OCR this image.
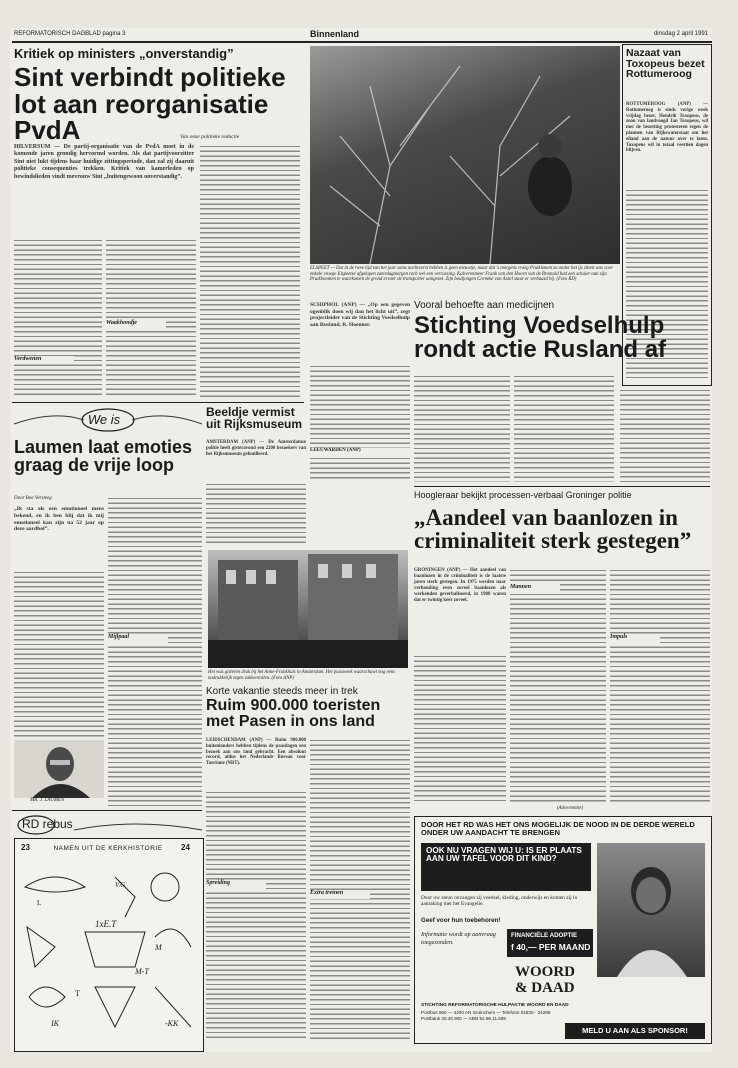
REFORMATORISCH DAGBLAD pagina 3	Binnenland	dinsdag 2 april 1991
Kritiek op ministers „onverstandig”
Sint verbindt politieke lot aan reorganisatie PvdA	Van onze politieke redactie
HILVERSUM — De partij-organisatie van de PvdA moet in de komende jaren grondig hervormd worden. Als dat partijvoorzitter Sint niet lukt tijdens haar huidige zittingsperiode, dan zal zij daaruit politieke consequenties trekken. Kritiek van kamerleden op bewindslieden vindt mevrouw Sint „buitengewoon onverstandig”.
Verdwenen
Waakhondje
ELSPEET — Dat in de twee tijd van het jaar soms nachtvorst hebben is geen nieuwtje, maar dat 's morgens vroeg Pruiklemen zo onder het ijs zitten was voor enkele vroege Elspeetsé afgelopen zaterdagmorgen toch wel een verrassing. Kalverenmeer Frank van den Hoorn van de Bromaid had een schuier aan zijn Pruikboomen te waarkomen de grond ervoer de transporter aangezet. Zijn boutjongen Corneke van Assel staar er verbaasd bij. (Foto RD)
SCHIPHOL (ANP) — „Op een gegeven ogenblik doen wij dan het licht uit”, zegt projectleider van de Stichting Voedselhulp aan Rusland, R. Hoenner.
Nazaat van Toxopeus bezet Rottumeroog
ROTTUMEROOG (ANP) — Rottumeroog is sinds vorige week vrijdag bezet. Hendrik Toxopeus, de zoon van landvoogd Jan Toxopeus, wil met de bezetting protesteren tegen de plannen van Rijkswaterstaat om het eiland aan de natuur over te laten. Toxopeus wil in totaal veertien dagen blijven.
Vooral behoefte aan medicijnen
Stichting Voedselhulp rondt actie Rusland af
LEEUWARDEN (ANP)
Beeldje vermist uit Rijksmuseum
AMSTERDAM (ANP) — De Amsterdamse politie heeft gisteravond een 2200 bezoekers van het Rijksmuseum gefouilleerd.
We is
Laumen laat emoties graag de vrije loop
Door Bea Versteeg
„Ik sta als een emotioneel mens bekend, en ik ben blij dat ik mij emotioneel kan zijn na 52 jaar op deze aardbol”.
Mijlpaal
MR. J. LAUMEN
Het was gisteren druk bij het Anne-Frankhuis in Amsterdam. Het paasweek waarschuwt nog eens nadrukkelijk tegen zakkenrollen. (Foto ANP)
Korte vakantie steeds meer in trek
Ruim 900.000 toeristen met Pasen in ons land
LEIDSCHENDAM (ANP) — Ruim 900.000 buitenlanders hebben tijdens de paasdagen een bezoek aan ons land gebracht. Een absoluut record, aldus het Nederlands Bureau voor Toerisme (NBT).
Spreiding
Extra treinen
Hoogleraar bekijkt processen-verbaal Groninger politie
„Aandeel van baanlozen in criminaliteit sterk gestegen”
GRONINGEN (ANP) — Het aandeel van baanlozen in de criminaliteit is de laatste jaren sterk gestegen. In 1975 werden naar verhouding even zoveel baanlozen als werkenden geverbaliseerd, in 1988 waren dat er twintig keer zoveel.
Mannen
Impuls
(Advertentie)
RD rebus
23	24
NAMEN UIT DE KERKHISTORIE
V.G
L
1xE.T
M
M-T
T
IK	-KK
DOOR HET RD WAS HET ONS MOGELIJK DE NOOD IN DE DERDE WERELD ONDER UW AANDACHT TE BRENGEN
OOK NU VRAGEN WIJ U: IS ER PLAATS AAN UW TAFEL VOOR DIT KIND?
Door uw steun onvangen zij voedsel, kleding, onderwijs en komen zij in aanraking met het Evangelie.
Geef voor hun toebehoren!
Informatie wordt op aanvraag toegezonden.
FINANCIËLE ADOPTIE
f 40,— PER MAAND
WOORD
& DAAD
STICHTING REFORMATORISCHE HULPAKTIE WOORD EN DAAD
Postbus 560 — 4200 AN Gorinchem — Telefoon 01830 - 24288
Postbank 30.20.900 — ABN 52.98.11.595
MELD U AAN ALS SPONSOR!
